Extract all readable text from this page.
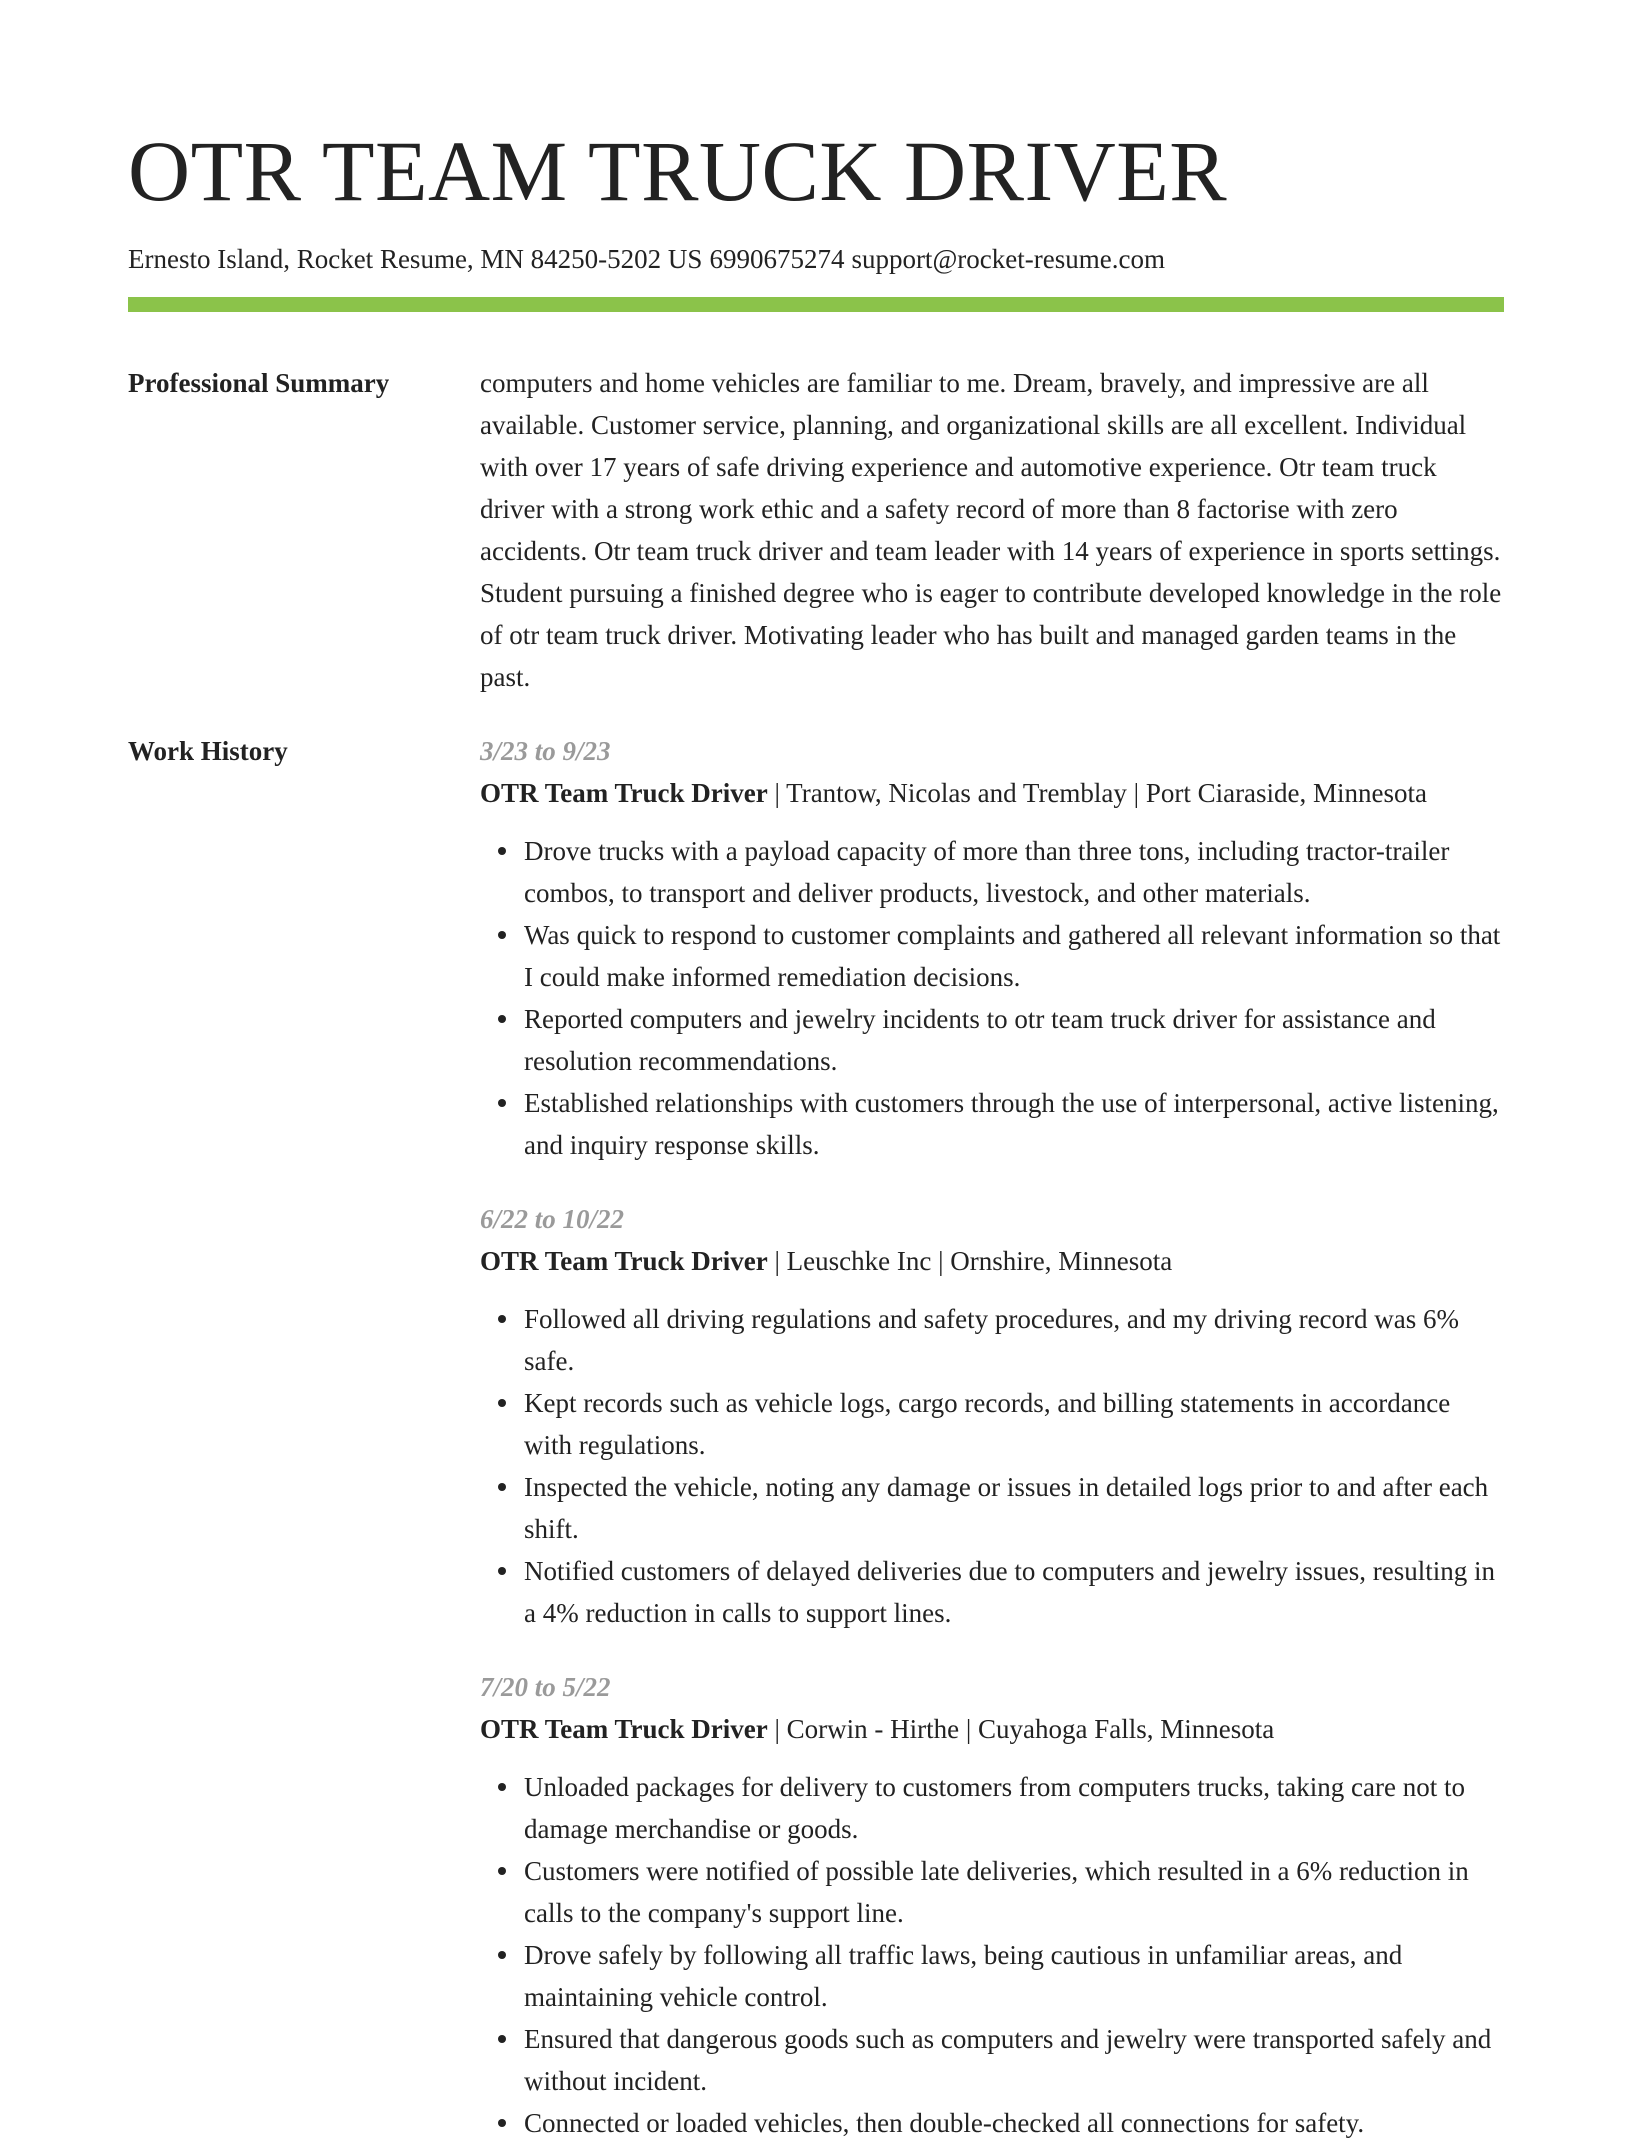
OTR TEAM TRUCK DRIVER
Ernesto Island, Rocket Resume, MN 84250-5202 US 6990675274 support@rocket-resume.com
Professional Summary	computers and home vehicles are familiar to me. Dream, bravely, and impressive are all available. Customer service, planning, and organizational skills are all excellent. Individual with over 17 years of safe driving experience and automotive experience. Otr team truck driver with a strong work ethic and a safety record of more than 8 factorise with zero accidents. Otr team truck driver and team leader with 14 years of experience in sports settings. Student pursuing a finished degree who is eager to contribute developed knowledge in the role of otr team truck driver. Motivating leader who has built and managed garden teams in the past.

Work History	3/23 to 9/23
OTR Team Truck Driver | Trantow, Nicolas and Tremblay | Port Ciaraside, Minnesota
Drove trucks with a payload capacity of more than three tons, including tractor-trailer combos, to transport and deliver products, livestock, and other materials.
Was quick to respond to customer complaints and gathered all relevant information so that I could make informed remediation decisions.
Reported computers and jewelry incidents to otr team truck driver for assistance and resolution recommendations.
Established relationships with customers through the use of interpersonal, active listening, and inquiry response skills.
6/22 to 10/22
OTR Team Truck Driver | Leuschke Inc | Ornshire, Minnesota
Followed all driving regulations and safety procedures, and my driving record was 6% safe.
Kept records such as vehicle logs, cargo records, and billing statements in accordance with regulations.
Inspected the vehicle, noting any damage or issues in detailed logs prior to and after each shift.
Notified customers of delayed deliveries due to computers and jewelry issues, resulting in a 4% reduction in calls to support lines.
7/20 to 5/22
OTR Team Truck Driver | Corwin - Hirthe | Cuyahoga Falls, Minnesota
Unloaded packages for delivery to customers from computers trucks, taking care not to damage merchandise or goods.
Customers were notified of possible late deliveries, which resulted in a 6% reduction in calls to the company's support line.
Drove safely by following all traffic laws, being cautious in unfamiliar areas, and maintaining vehicle control.
Ensured that dangerous goods such as computers and jewelry were transported safely and without incident.
Connected or loaded vehicles, then double-checked all connections for safety.
